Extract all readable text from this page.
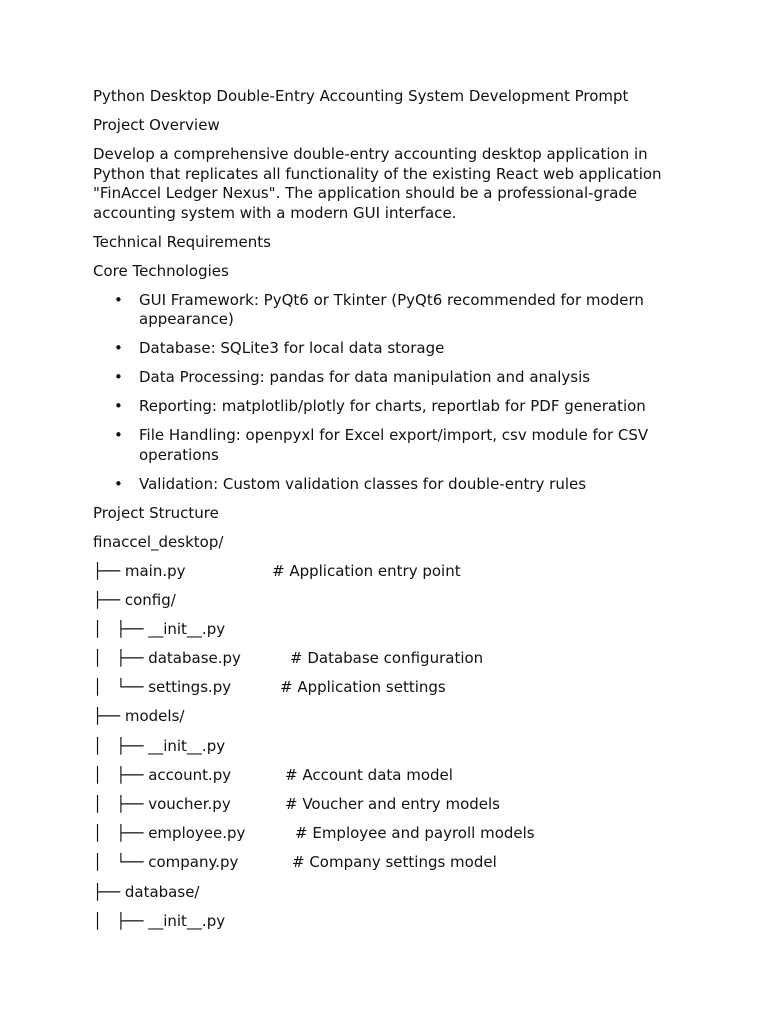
Python Desktop Double-Entry Accounting System Development Prompt

Project Overview

Develop a comprehensive double-entry accounting desktop application in Python that replicates all functionality of the existing React web application "FinAccel Ledger Nexus". The application should be a professional-grade accounting system with a modern GUI interface.

Technical Requirements

Core Technologies

• GUI Framework: PyQt6 or Tkinter (PyQt6 recommended for modern appearance)
• Database: SQLite3 for local data storage
• Data Processing: pandas for data manipulation and analysis
• Reporting: matplotlib/plotly for charts, reportlab for PDF generation
• File Handling: openpyxl for Excel export/import, csv module for CSV operations
• Validation: Custom validation classes for double-entry rules

Project Structure

finaccel_desktop/

├── main.py	# Application entry point
├── config/
│   ├── __init__.py
│   ├── database.py	# Database configuration
│   └── settings.py	# Application settings
├── models/
│   ├── __init__.py
│   ├── account.py	# Account data model
│   ├── voucher.py	# Voucher and entry models
│   ├── employee.py	# Employee and payroll models
│   └── company.py	# Company settings model
├── database/
│   ├── __init__.py
